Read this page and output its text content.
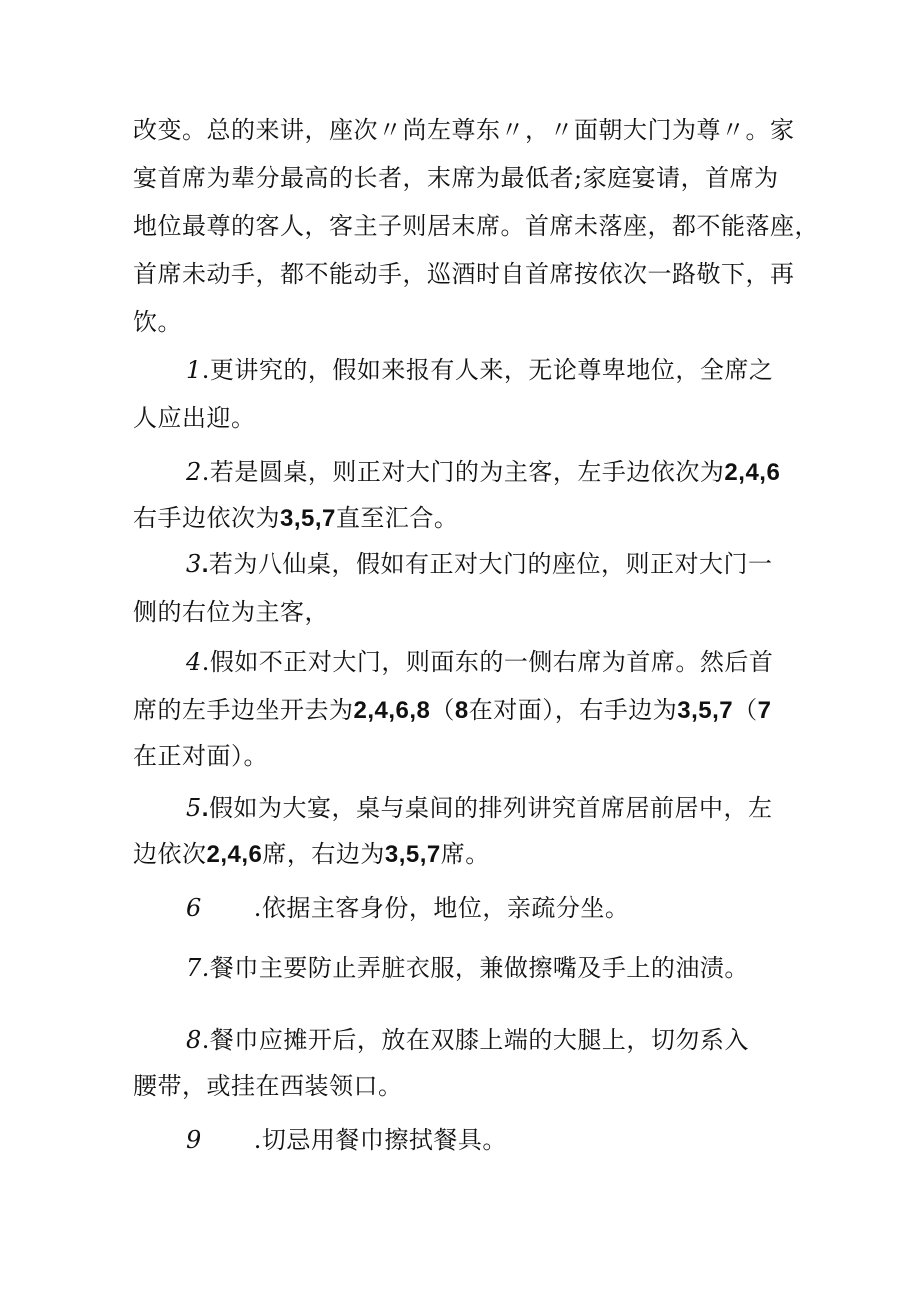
改变。总的来讲，座次〃尚左尊东〃，〃面朝大门为尊〃。家
宴首席为辈分最高的长者，末席为最低者;家庭宴请，首席为
地位最尊的客人，客主子则居末席。首席未落座，都不能落座，
首席未动手，都不能动手，巡酒时自首席按依次一路敬下，再
饮。
1.更讲究的，假如来报有人来，无论尊卑地位，全席之
人应出迎。
2.若是圆桌，则正对大门的为主客，左手边依次为2,4,6
右手边依次为3,5,7直至汇合。
3.若为八仙桌，假如有正对大门的座位，则正对大门一
侧的右位为主客，
4.假如不正对大门，则面东的一侧右席为首席。然后首
席的左手边坐开去为2,4,6,8（8在对面），右手边为3,5,7（7
在正对面）。
5.假如为大宴，桌与桌间的排列讲究首席居前居中，左
边依次2,4,6席，右边为3,5,7席。
6 .依据主客身份，地位，亲疏分坐。
7.餐巾主要防止弄脏衣服，兼做擦嘴及手上的油渍。
8.餐巾应摊开后，放在双膝上端的大腿上，切勿系入
腰带，或挂在西装领口。
9 .切忌用餐巾擦拭餐具。
